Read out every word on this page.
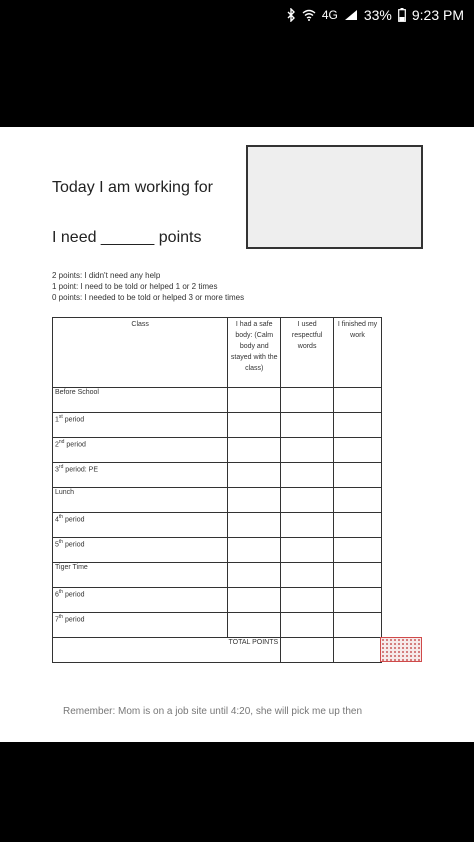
4G 33% 9:23 PM
Today I am working for
I need ______ points
2 points: I didn't need any help
1 point: I need to be told or helped 1 or 2 times
0 points: I needed to be told or helped 3 or more times
Class	I had a safe body: (Calm body and stayed with the class)	I used respectful words	I finished my work
Before School			
1st period			
2nd period			
3rd period: PE			
Lunch			
4th period			
5th period			
Tiger Time			
6th period			
7th period			
TOTAL POINTS			
Remember: Mom is on a job site until 4:20, she will pick me up then
